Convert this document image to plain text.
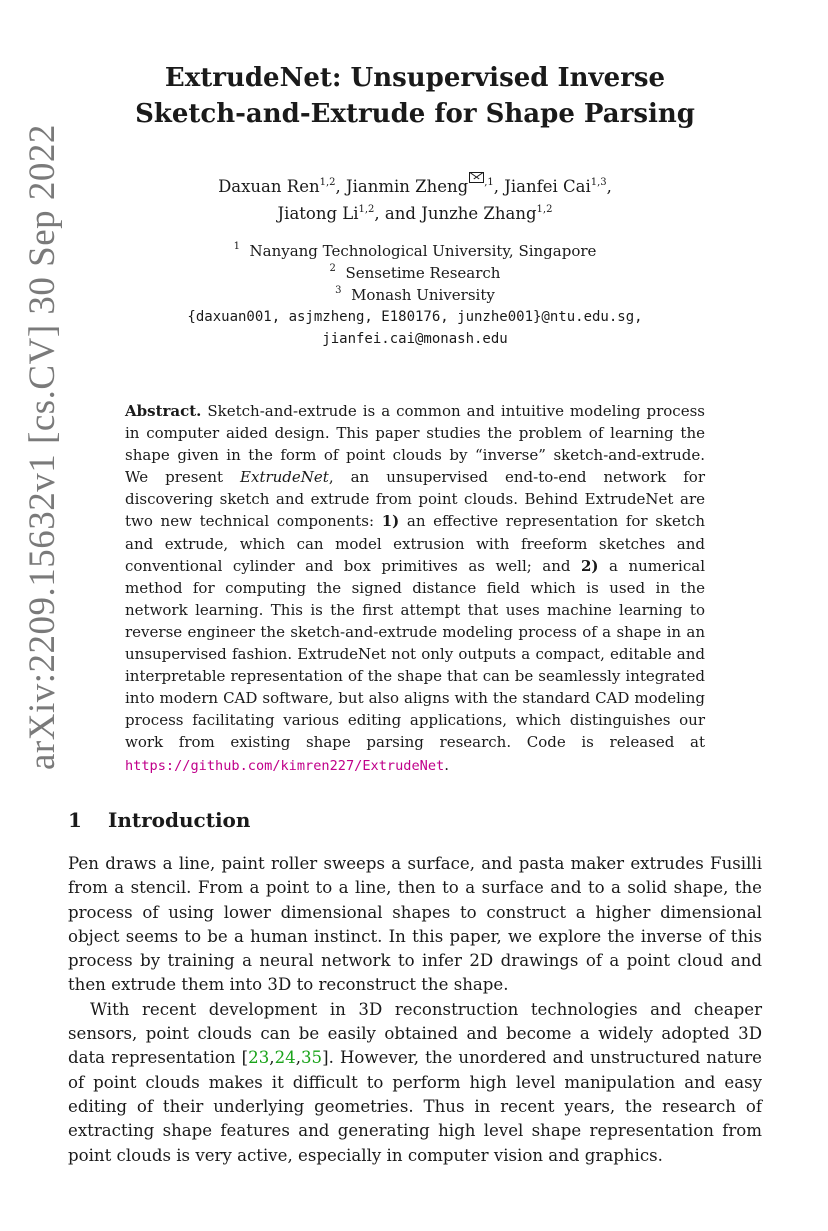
arXiv:2209.15632v1 [cs.CV] 30 Sep 2022
ExtrudeNet: Unsupervised Inverse
Sketch-and-Extrude for Shape Parsing
Daxuan Ren$^{1,2}$, Jianmin Zheng $^{,1}$, Jianfei Cai$^{1,3}$,
Jiatong Li$^{1,2}$, and Junzhe Zhang$^{1,2}$
$^1$ Nanyang Technological University, Singapore
$^2$ Sensetime Research
$^3$ Monash University
{daxuan001, asjmzheng, E180176, junzhe001}@ntu.edu.sg,
jianfei.cai@monash.edu

Abstract. Sketch-and-extrude is a common and intuitive modeling process in computer aided design. This paper studies the problem of learning the shape given in the form of point clouds by “inverse” sketch-and-extrude. We present ExtrudeNet, an unsupervised end-to-end network for discovering sketch and extrude from point clouds. Behind ExtrudeNet are two new technical components: 1) an effective representation for sketch and extrude, which can model extrusion with freeform sketches and conventional cylinder and box primitives as well; and 2) a numerical method for computing the signed distance field which is used in the network learning. This is the first attempt that uses machine learning to reverse engineer the sketch-and-extrude modeling process of a shape in an unsupervised fashion. ExtrudeNet not only outputs a compact, editable and interpretable representation of the shape that can be seamlessly integrated into modern CAD software, but also aligns with the standard CAD modeling process facilitating various editing applications, which distinguishes our work from existing shape parsing research. Code is released at https://github.com/kimren227/ExtrudeNet.

1 Introduction

Pen draws a line, paint roller sweeps a surface, and pasta maker extrudes Fusilli from a stencil. From a point to a line, then to a surface and to a solid shape, the process of using lower dimensional shapes to construct a higher dimensional object seems to be a human instinct. In this paper, we explore the inverse of this process by training a neural network to infer 2D drawings of a point cloud and then extrude them into 3D to reconstruct the shape.

With recent development in 3D reconstruction technologies and cheaper sensors, point clouds can be easily obtained and become a widely adopted 3D data representation [23,24,35]. However, the unordered and unstructured nature of point clouds makes it difficult to perform high level manipulation and easy editing of their underlying geometries. Thus in recent years, the research of extracting shape features and generating high level shape representation from point clouds is very active, especially in computer vision and graphics.
